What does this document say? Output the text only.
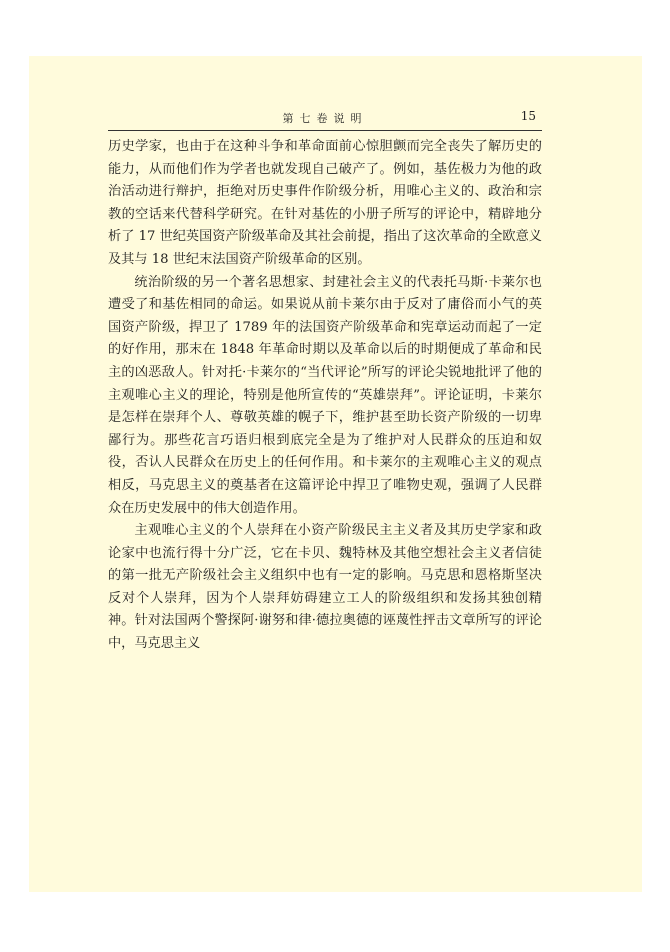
第七卷说明	15

历史学家，也由于在这种斗争和革命面前心惊胆颤而完全丧失了解历史的能力，从而他们作为学者也就发现自己破产了。例如，基佐极力为他的政治活动进行辩护，拒绝对历史事件作阶级分析，用唯心主义的、政治和宗教的空话来代替科学研究。在针对基佐的小册子所写的评论中，精辟地分析了 17 世纪英国资产阶级革命及其社会前提，指出了这次革命的全欧意义及其与 18 世纪末法国资产阶级革命的区别。

统治阶级的另一个著名思想家、封建社会主义的代表托马斯·卡莱尔也遭受了和基佐相同的命运。如果说从前卡莱尔由于反对了庸俗而小气的英国资产阶级，捍卫了 1789 年的法国资产阶级革命和宪章运动而起了一定的好作用，那末在 1848 年革命时期以及革命以后的时期便成了革命和民主的凶恶敌人。针对托·卡莱尔的“当代评论”所写的评论尖锐地批评了他的主观唯心主义的理论，特别是他所宣传的“英雄崇拜”。评论证明，卡莱尔是怎样在崇拜个人、尊敬英雄的幌子下，维护甚至助长资产阶级的一切卑鄙行为。那些花言巧语归根到底完全是为了维护对人民群众的压迫和奴役，否认人民群众在历史上的任何作用。和卡莱尔的主观唯心主义的观点相反，马克思主义的奠基者在这篇评论中捍卫了唯物史观，强调了人民群众在历史发展中的伟大创造作用。

主观唯心主义的个人崇拜在小资产阶级民主主义者及其历史学家和政论家中也流行得十分广泛，它在卡贝、魏特林及其他空想社会主义者信徒的第一批无产阶级社会主义组织中也有一定的影响。马克思和恩格斯坚决反对个人崇拜，因为个人崇拜妨碍建立工人的阶级组织和发扬其独创精神。针对法国两个警探阿·谢努和律·德拉奥德的诬蔑性抨击文章所写的评论中，马克思主义
